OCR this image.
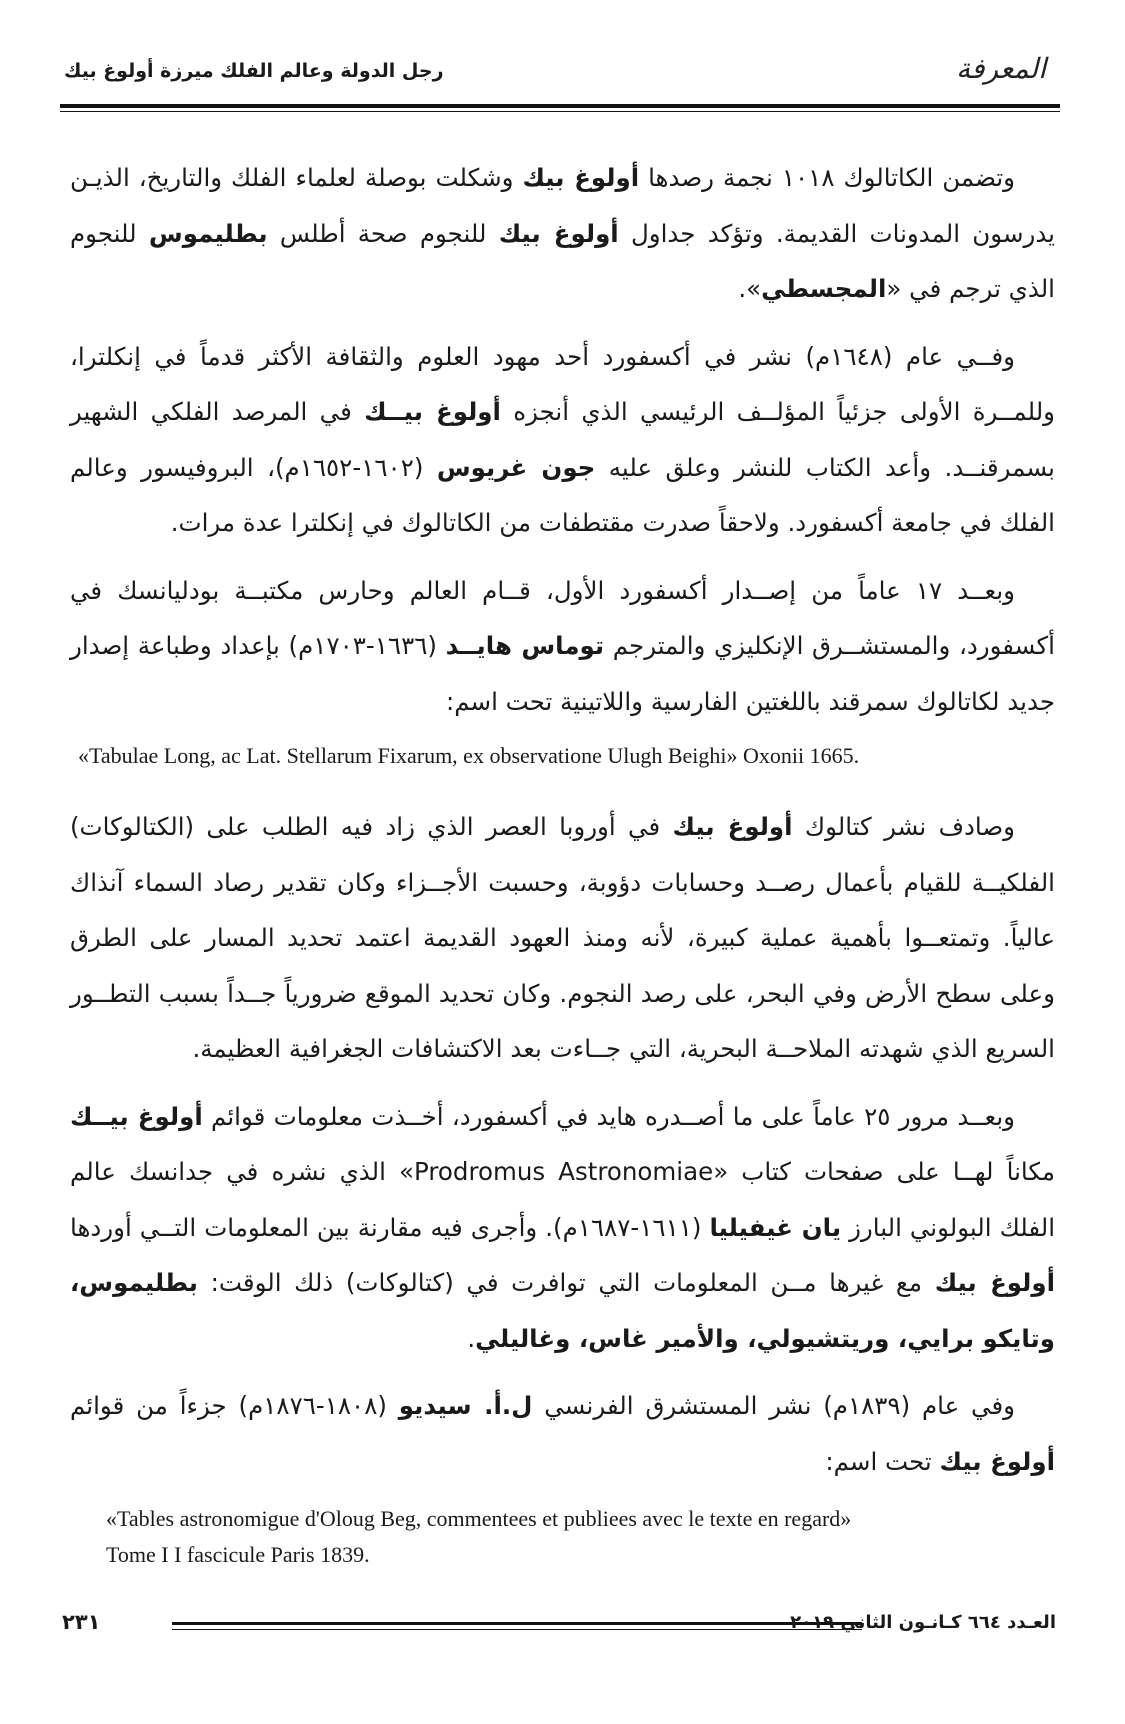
المعرفة
رجل الدولة وعالم الفلك ميرزة أولوغ بيك

وتضمن الكاتالوك ١٠١٨ نجمة رصدها أولوغ بيك وشكلت بوصلة لعلماء الفلك والتاريخ، الذيـن يدرسون المدونات القديمة. وتؤكد جداول أولوغ بيك للنجوم صحة أطلس بطليموس للنجوم الذي ترجم في «المجسطي».

وفــي عام (١٦٤٨م) نشر في أكسفورد أحد مهود العلوم والثقافة الأكثر قدماً في إنكلترا، وللمــرة الأولى جزئياً المؤلــف الرئيسي الذي أنجزه أولوغ بيــك في المرصد الفلكي الشهير بسمرقنــد. وأعد الكتاب للنشر وعلق عليه جون غريوس (١٦٠٢-١٦٥٢م)، البروفيسور وعالم الفلك في جامعة أكسفورد. ولاحقاً صدرت مقتطفات من الكاتالوك في إنكلترا عدة مرات.

وبعــد ١٧ عاماً من إصــدار أكسفورد الأول، قــام العالم وحارس مكتبــة بودليانسك في أكسفورد، والمستشــرق الإنكليزي والمترجم توماس هايــد (١٦٣٦-١٧٠٣م) بإعداد وطباعة إصدار جديد لكاتالوك سمرقند باللغتين الفارسية واللاتينية تحت اسم:

«Tabulae Long, ac Lat. Stellarum Fixarum, ex observatione Ulugh Beighi» Oxonii 1665.

وصادف نشر كتالوك أولوغ بيك في أوروبا العصر الذي زاد فيه الطلب على (الكتالوكات) الفلكيــة للقيام بأعمال رصــد وحسابات دؤوبة، وحسبت الأجــزاء وكان تقدير رصاد السماء آنذاك عالياً. وتمتعــوا بأهمية عملية كبيرة، لأنه ومنذ العهود القديمة اعتمد تحديد المسار على الطرق وعلى سطح الأرض وفي البحر، على رصد النجوم. وكان تحديد الموقع ضرورياً جــداً بسبب التطــور السريع الذي شهدته الملاحــة البحرية، التي جــاءت بعد الاكتشافات الجغرافية العظيمة.

وبعــد مرور ٢٥ عاماً على ما أصــدره هايد في أكسفورد، أخــذت معلومات قوائم أولوغ بيــك مكاناً لهــا على صفحات كتاب «Prodromus Astronomiae» الذي نشره في جدانسك عالم الفلك البولوني البارز يان غيفيليا (١٦١١-١٦٨٧م). وأجرى فيه مقارنة بين المعلومات التــي أوردها أولوغ بيك مع غيرها مــن المعلومات التي توافرت في (كتالوكات) ذلك الوقت: بطليموس، وتايكو برايي، وريتشيولي، والأمير غاس، وغاليلي.

وفي عام (١٨٣٩م) نشر المستشرق الفرنسي ل.أ. سيديو (١٨٠٨-١٨٧٦م) جزءاً من قوائم أولوغ بيك تحت اسم:

«Tables astronomigue d'Oloug Beg, commentees et publiees avec le texte en regard»
Tome I I fascicule Paris 1839.
٢٣١	العـدد ٦٦٤ كـانـون الثاني ٢٠١٩
